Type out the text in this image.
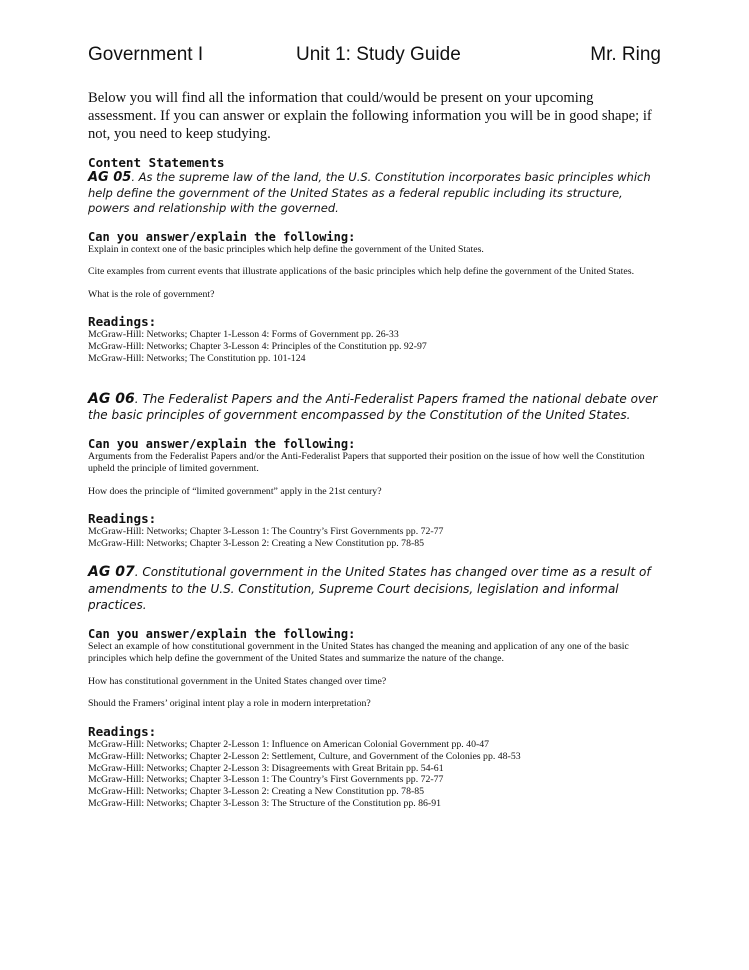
Government I	Unit 1: Study Guide	Mr. Ring

Below you will find all the information that could/would be present on your upcoming assessment. If you can answer or explain the following information you will be in good shape; if not, you need to keep studying.

Content Statements

AG 05. As the supreme law of the land, the U.S. Constitution incorporates basic principles which help define the government of the United States as a federal republic including its structure, powers and relationship with the governed.

Can you answer/explain the following:

Explain in context one of the basic principles which help define the government of the United States.

Cite examples from current events that illustrate applications of the basic principles which help define the government of the United States.

What is the role of government?

Readings:

McGraw-Hill: Networks; Chapter 1-Lesson 4: Forms of Government pp. 26-33

McGraw-Hill: Networks; Chapter 3-Lesson 4: Principles of the Constitution pp. 92-97

McGraw-Hill: Networks; The Constitution pp. 101-124

AG 06. The Federalist Papers and the Anti-Federalist Papers framed the national debate over the basic principles of government encompassed by the Constitution of the United States.

Can you answer/explain the following:

Arguments from the Federalist Papers and/or the Anti-Federalist Papers that supported their position on the issue of how well the Constitution upheld the principle of limited government.

How does the principle of “limited government” apply in the 21st century?

Readings:

McGraw-Hill: Networks; Chapter 3-Lesson 1: The Country’s First Governments pp. 72-77

McGraw-Hill: Networks; Chapter 3-Lesson 2: Creating a New Constitution pp. 78-85

AG 07. Constitutional government in the United States has changed over time as a result of amendments to the U.S. Constitution, Supreme Court decisions, legislation and informal practices.

Can you answer/explain the following:

Select an example of how constitutional government in the United States has changed the meaning and application of any one of the basic principles which help define the government of the United States and summarize the nature of the change.

How has constitutional government in the United States changed over time?

Should the Framers’ original intent play a role in modern interpretation?

Readings:

McGraw-Hill: Networks; Chapter 2-Lesson 1: Influence on American Colonial Government pp. 40-47

McGraw-Hill: Networks; Chapter 2-Lesson 2: Settlement, Culture, and Government of the Colonies pp. 48-53

McGraw-Hill: Networks; Chapter 2-Lesson 3: Disagreements with Great Britain pp. 54-61

McGraw-Hill: Networks; Chapter 3-Lesson 1: The Country’s First Governments pp. 72-77

McGraw-Hill: Networks; Chapter 3-Lesson 2: Creating a New Constitution pp. 78-85

McGraw-Hill: Networks; Chapter 3-Lesson 3: The Structure of the Constitution pp. 86-91
